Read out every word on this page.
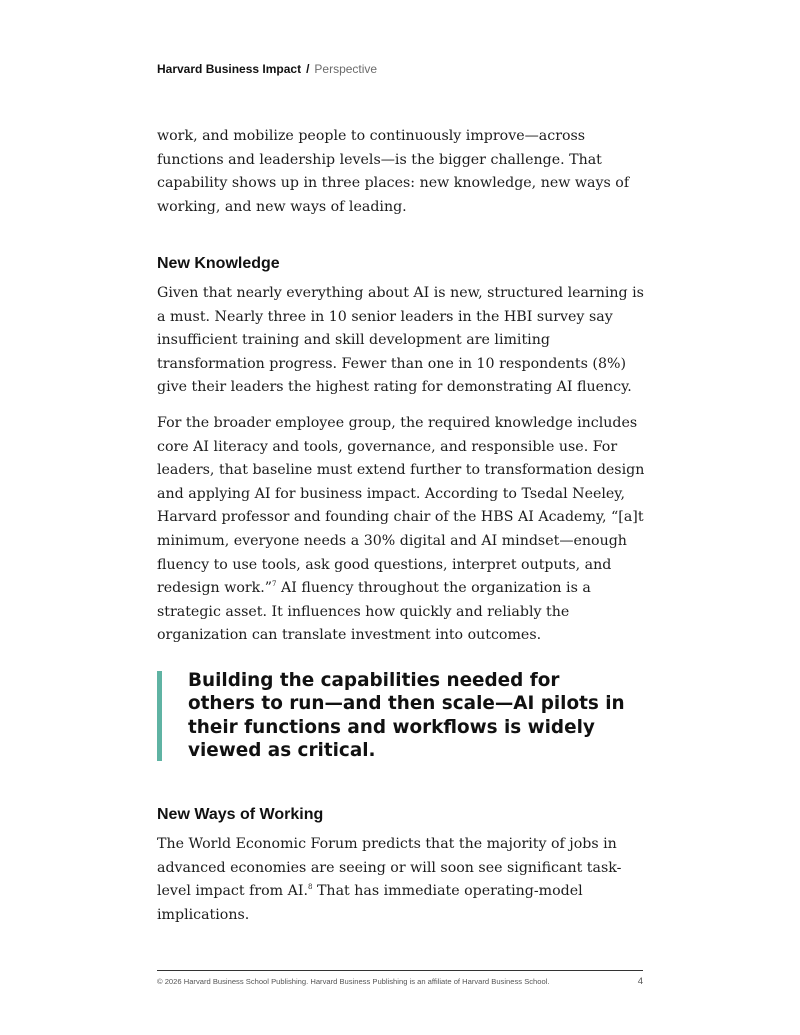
Harvard Business Impact / Perspective

work, and mobilize people to continuously improve—across functions and leadership levels—is the bigger challenge. That capability shows up in three places: new knowledge, new ways of working, and new ways of leading.

New Knowledge

Given that nearly everything about AI is new, structured learning is a must. Nearly three in 10 senior leaders in the HBI survey say insufficient training and skill development are limiting transformation progress. Fewer than one in 10 respondents (8%) give their leaders the highest rating for demonstrating AI fluency.

For the broader employee group, the required knowledge includes core AI literacy and tools, governance, and responsible use. For leaders, that baseline must extend further to transformation design and applying AI for business impact. According to Tsedal Neeley, Harvard professor and founding chair of the HBS AI Academy, “[a]t minimum, everyone needs a 30% digital and AI mindset—enough fluency to use tools, ask good questions, interpret outputs, and redesign work.”$^7$ AI fluency throughout the organization is a strategic asset. It influences how quickly and reliably the organization can translate investment into outcomes.

Building the capabilities needed for others to run—and then scale—AI pilots in their functions and workflows is widely viewed as critical.

New Ways of Working

The World Economic Forum predicts that the majority of jobs in advanced economies are seeing or will soon see significant task-level impact from AI.$^8$ That has immediate operating-model implications.

© 2026 Harvard Business School Publishing. Harvard Business Publishing is an affiliate of Harvard Business School.	4
